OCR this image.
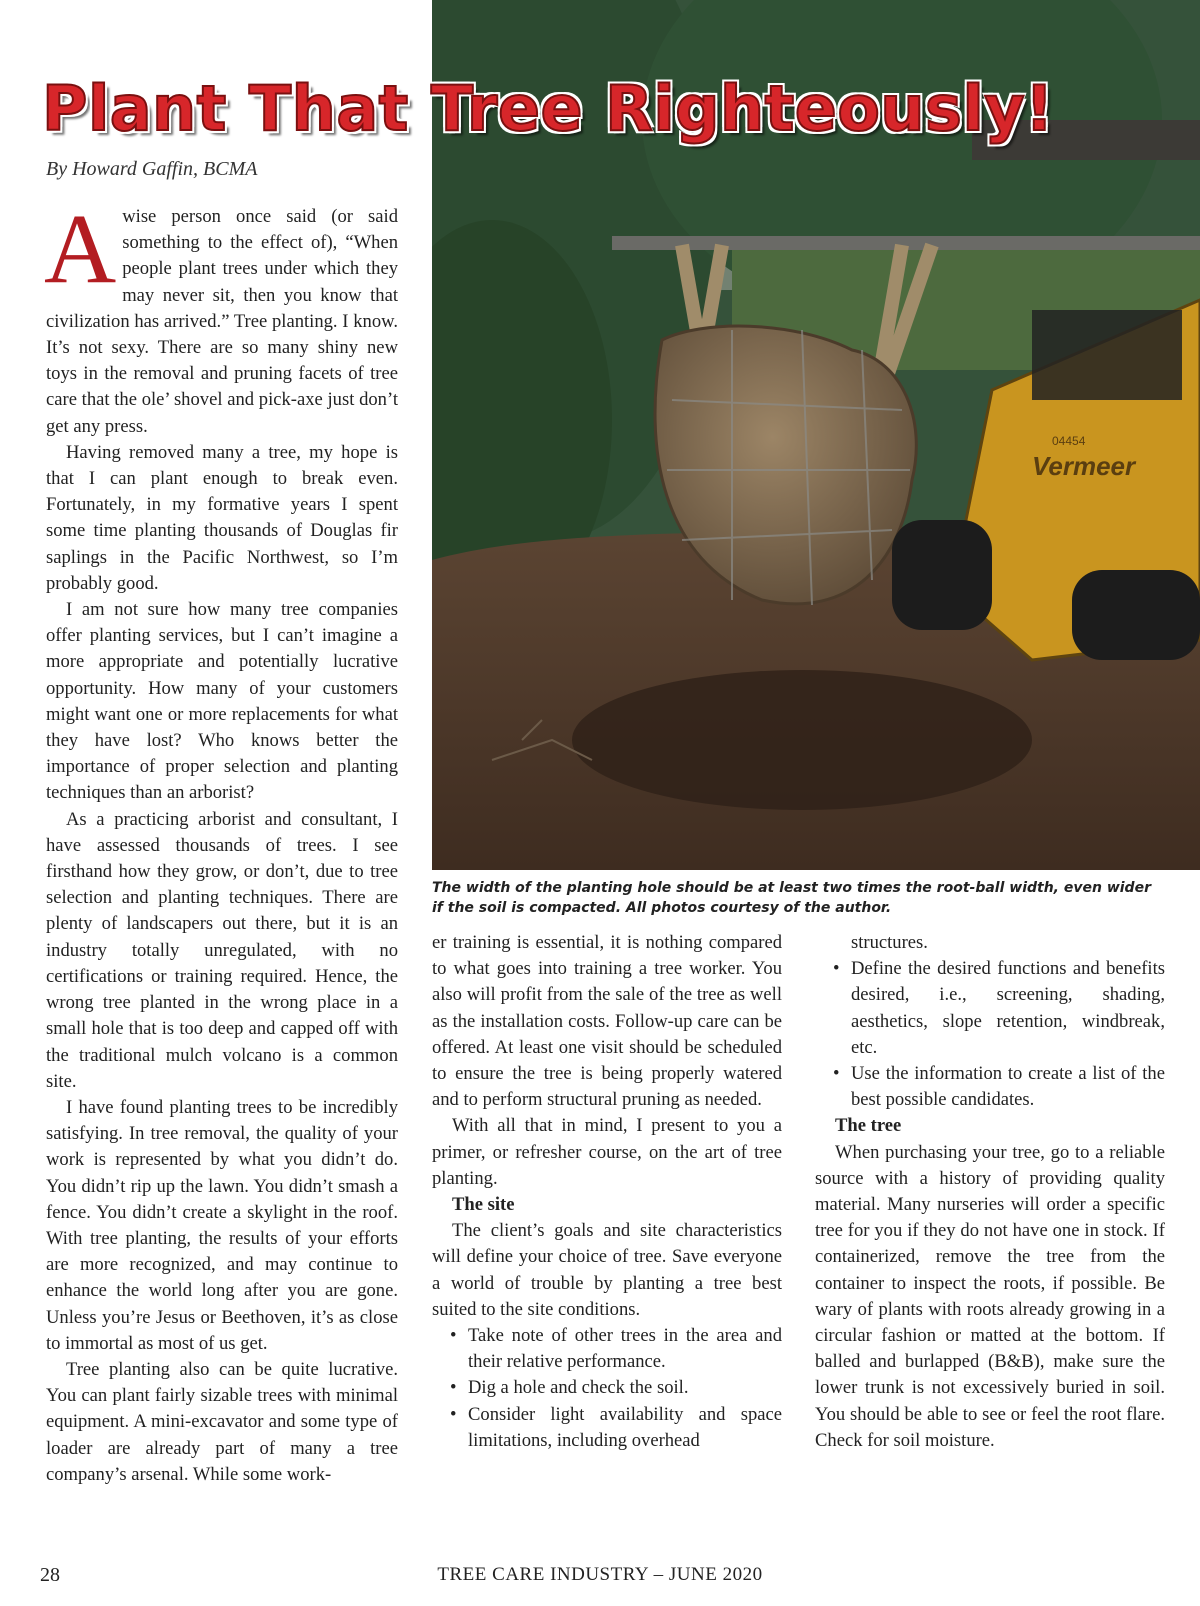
Vermeer
04454
Plant That Tree Righteously!
By Howard Gaffin, BCMA

Awise person once said (or said something to the effect of), “When people plant trees under which they may never sit, then you know that civilization has arrived.” Tree planting. I know. It’s not sexy. There are so many shiny new toys in the removal and pruning facets of tree care that the ole’ shovel and pick-axe just don’t get any press.

Having removed many a tree, my hope is that I can plant enough to break even. Fortunately, in my formative years I spent some time planting thousands of Douglas fir saplings in the Pacific Northwest, so I’m probably good.

I am not sure how many tree companies offer planting services, but I can’t imagine a more appropriate and potentially lucrative opportunity. How many of your customers might want one or more replacements for what they have lost? Who knows better the importance of proper selection and planting techniques than an arborist?

As a practicing arborist and consultant, I have assessed thousands of trees. I see firsthand how they grow, or don’t, due to tree selection and planting techniques. There are plenty of landscapers out there, but it is an industry totally unregulated, with no certifications or training required. Hence, the wrong tree planted in the wrong place in a small hole that is too deep and capped off with the traditional mulch volcano is a common site.

I have found planting trees to be incredibly satisfying. In tree removal, the quality of your work is represented by what you didn’t do. You didn’t rip up the lawn. You didn’t smash a fence. You didn’t create a skylight in the roof. With tree planting, the results of your efforts are more recognized, and may continue to enhance the world long after you are gone. Unless you’re Jesus or Beethoven, it’s as close to immortal as most of us get.

Tree planting also can be quite lucrative. You can plant fairly sizable trees with minimal equipment. A mini-excavator and some type of loader are already part of many a tree company’s arsenal. While some work-

The width of the planting hole should be at least two times the root-ball width, even wider if the soil is compacted. All photos courtesy of the author.

er training is essential, it is nothing compared to what goes into training a tree worker. You also will profit from the sale of the tree as well as the installation costs. Follow-up care can be offered. At least one visit should be scheduled to ensure the tree is being properly watered and to perform structural pruning as needed.

With all that in mind, I present to you a primer, or refresher course, on the art of tree planting.

The site

The client’s goals and site characteristics will define your choice of tree. Save everyone a world of trouble by planting a tree best suited to the site conditions.

• Take note of other trees in the area and their relative performance.
• Dig a hole and check the soil.
• Consider light availability and space limitations, including overhead
structures.
• Define the desired functions and benefits desired, i.e., screening, shading, aesthetics, slope retention, windbreak, etc.
• Use the information to create a list of the best possible candidates.

The tree

When purchasing your tree, go to a reliable source with a history of providing quality material. Many nurseries will order a specific tree for you if they do not have one in stock. If containerized, remove the tree from the container to inspect the roots, if possible. Be wary of plants with roots already growing in a circular fashion or matted at the bottom. If balled and burlapped (B&B), make sure the lower trunk is not excessively buried in soil. You should be able to see or feel the root flare. Check for soil moisture.

28	TREE CARE INDUSTRY – JUNE 2020
